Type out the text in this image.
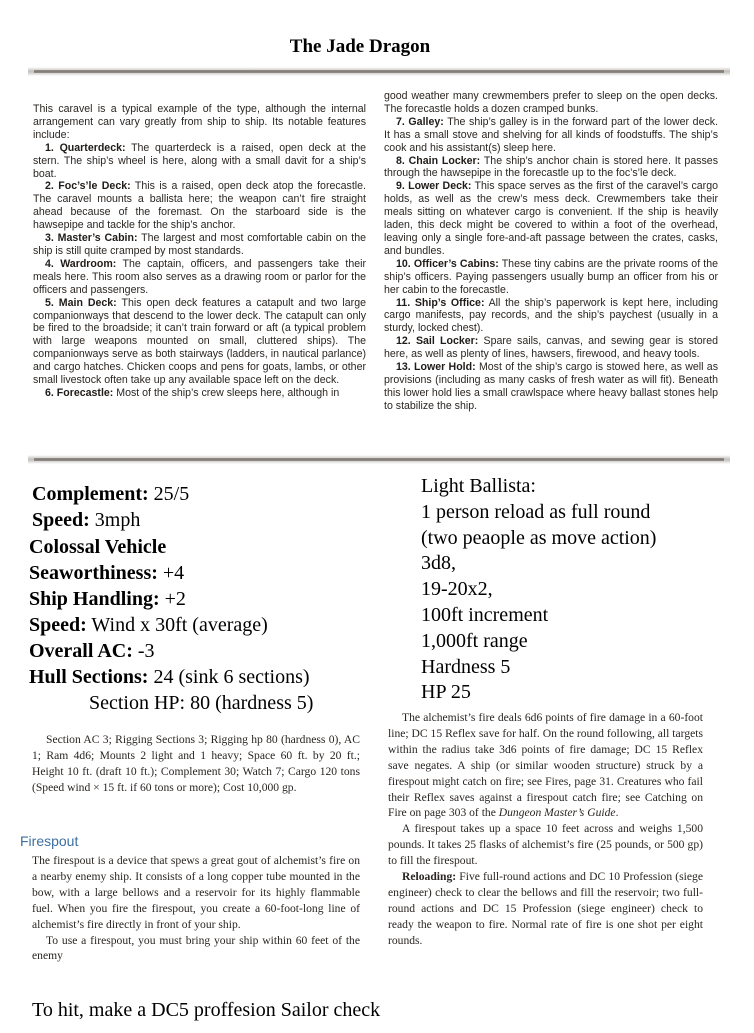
The Jade Dragon

This caravel is a typical example of the type, although the internal arrangement can vary greatly from ship to ship. Its notable features include:

1. Quarterdeck: The quarterdeck is a raised, open deck at the stern. The ship’s wheel is here, along with a small davit for a ship’s boat.

2. Foc’s’le Deck: This is a raised, open deck atop the forecastle. The caravel mounts a ballista here; the weapon can’t fire straight ahead because of the foremast. On the starboard side is the hawsepipe and tackle for the ship’s anchor.

3. Master’s Cabin: The largest and most comfortable cabin on the ship is still quite cramped by most standards.

4. Wardroom: The captain, officers, and passengers take their meals here. This room also serves as a drawing room or parlor for the officers and passengers.

5. Main Deck: This open deck features a catapult and two large companionways that descend to the lower deck. The catapult can only be fired to the broadside; it can’t train forward or aft (a typical problem with large weapons mounted on small, cluttered ships). The companionways serve as both stairways (ladders, in nautical parlance) and cargo hatches. Chicken coops and pens for goats, lambs, or other small livestock often take up any available space left on the deck.

6. Forecastle: Most of the ship’s crew sleeps here, although in

good weather many crewmembers prefer to sleep on the open decks. The forecastle holds a dozen cramped bunks.

7. Galley: The ship’s galley is in the forward part of the lower deck. It has a small stove and shelving for all kinds of foodstuffs. The ship’s cook and his assistant(s) sleep here.

8. Chain Locker: The ship’s anchor chain is stored here. It passes through the hawsepipe in the forecastle up to the foc’s’le deck.

9. Lower Deck: This space serves as the first of the caravel’s cargo holds, as well as the crew’s mess deck. Crewmembers take their meals sitting on whatever cargo is convenient. If the ship is heavily laden, this deck might be covered to within a foot of the overhead, leaving only a single fore-and-aft passage between the crates, casks, and bundles.

10. Officer’s Cabins: These tiny cabins are the private rooms of the ship’s officers. Paying passengers usually bump an officer from his or her cabin to the forecastle.

11. Ship’s Office: All the ship’s paperwork is kept here, including cargo manifests, pay records, and the ship’s paychest (usually in a sturdy, locked chest).

12. Sail Locker: Spare sails, canvas, and sewing gear is stored here, as well as plenty of lines, hawsers, firewood, and heavy tools.

13. Lower Hold: Most of the ship’s cargo is stowed here, as well as provisions (including as many casks of fresh water as will fit). Beneath this lower hold lies a small crawlspace where heavy ballast stones help to stabilize the ship.

Complement: 25/5
Speed: 3mph
Colossal Vehicle
Seaworthiness: +4
Ship Handling: +2
Speed: Wind x 30ft (average)
Overall AC: -3
Hull Sections: 24 (sink 6 sections)
Section HP: 80 (hardness 5)
Light Ballista:
1 person reload as full round
(two peaople as move action)
3d8,
19-20x2,
100ft increment
1,000ft range
Hardness 5
HP 25

Section AC 3; Rigging Sections 3; Rigging hp 80 (hardness 0), AC 1; Ram 4d6; Mounts 2 light and 1 heavy; Space 60 ft. by 20 ft.; Height 10 ft. (draft 10 ft.); Complement 30; Watch 7; Cargo 120 tons (Speed wind × 15 ft. if 60 tons or more); Cost 10,000 gp.

Firespout

The firespout is a device that spews a great gout of alchemist’s fire on a nearby enemy ship. It consists of a long copper tube mounted in the bow, with a large bellows and a reservoir for its highly flammable fuel. When you fire the firespout, you create a 60-foot-long line of alchemist’s fire directly in front of your ship.

To use a firespout, you must bring your ship within 60 feet of the enemy

The alchemist’s fire deals 6d6 points of fire damage in a 60-foot line; DC 15 Reflex save for half. On the round following, all targets within the radius take 3d6 points of fire damage; DC 15 Reflex save negates. A ship (or similar wooden structure) struck by a firespout might catch on fire; see Fires, page 31. Creatures who fail their Reflex saves against a firespout catch fire; see Catching on Fire on page 303 of the Dungeon Master’s Guide.

A firespout takes up a space 10 feet across and weighs 1,500 pounds. It takes 25 flasks of alchemist’s fire (25 pounds, or 500 gp) to fill the firespout.

Reloading: Five full-round actions and DC 10 Profession (siege engineer) check to clear the bellows and fill the reservoir; two full-round actions and DC 15 Profession (siege engineer) check to ready the weapon to fire. Normal rate of fire is one shot per eight rounds.

To hit, make a DC5 proffesion Sailor check
